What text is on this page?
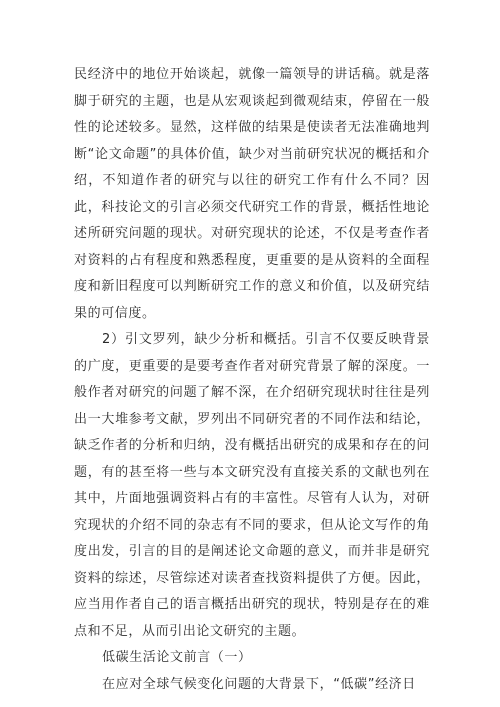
民经济中的地位开始谈起，就像一篇领导的讲话稿。就是落脚于研究的主题，也是从宏观谈起到微观结束，停留在一般性的论述较多。显然，这样做的结果是使读者无法准确地判断“论文命题”的具体价值，缺少对当前研究状况的概括和介绍，不知道作者的研究与以往的研究工作有什么不同？因此，科技论文的引言必须交代研究工作的背景，概括性地论述所研究问题的现状。对研究现状的论述，不仅是考查作者对资料的占有程度和熟悉程度，更重要的是从资料的全面程度和新旧程度可以判断研究工作的意义和价值，以及研究结果的可信度。

2）引文罗列，缺少分析和概括。引言不仅要反映背景的广度，更重要的是要考查作者对研究背景了解的深度。一般作者对研究的问题了解不深，在介绍研究现状时往往是列出一大堆参考文献，罗列出不同研究者的不同作法和结论，缺乏作者的分析和归纳，没有概括出研究的成果和存在的问题，有的甚至将一些与本文研究没有直接关系的文献也列在其中，片面地强调资料占有的丰富性。尽管有人认为，对研究现状的介绍不同的杂志有不同的要求，但从论文写作的角度出发，引言的目的是阐述论文命题的意义，而并非是研究资料的综述，尽管综述对读者查找资料提供了方便。因此，应当用作者自己的语言概括出研究的现状，特别是存在的难点和不足，从而引出论文研究的主题。

低碳生活论文前言（一）

在应对全球气候变化问题的大背景下，“低碳”经济日
